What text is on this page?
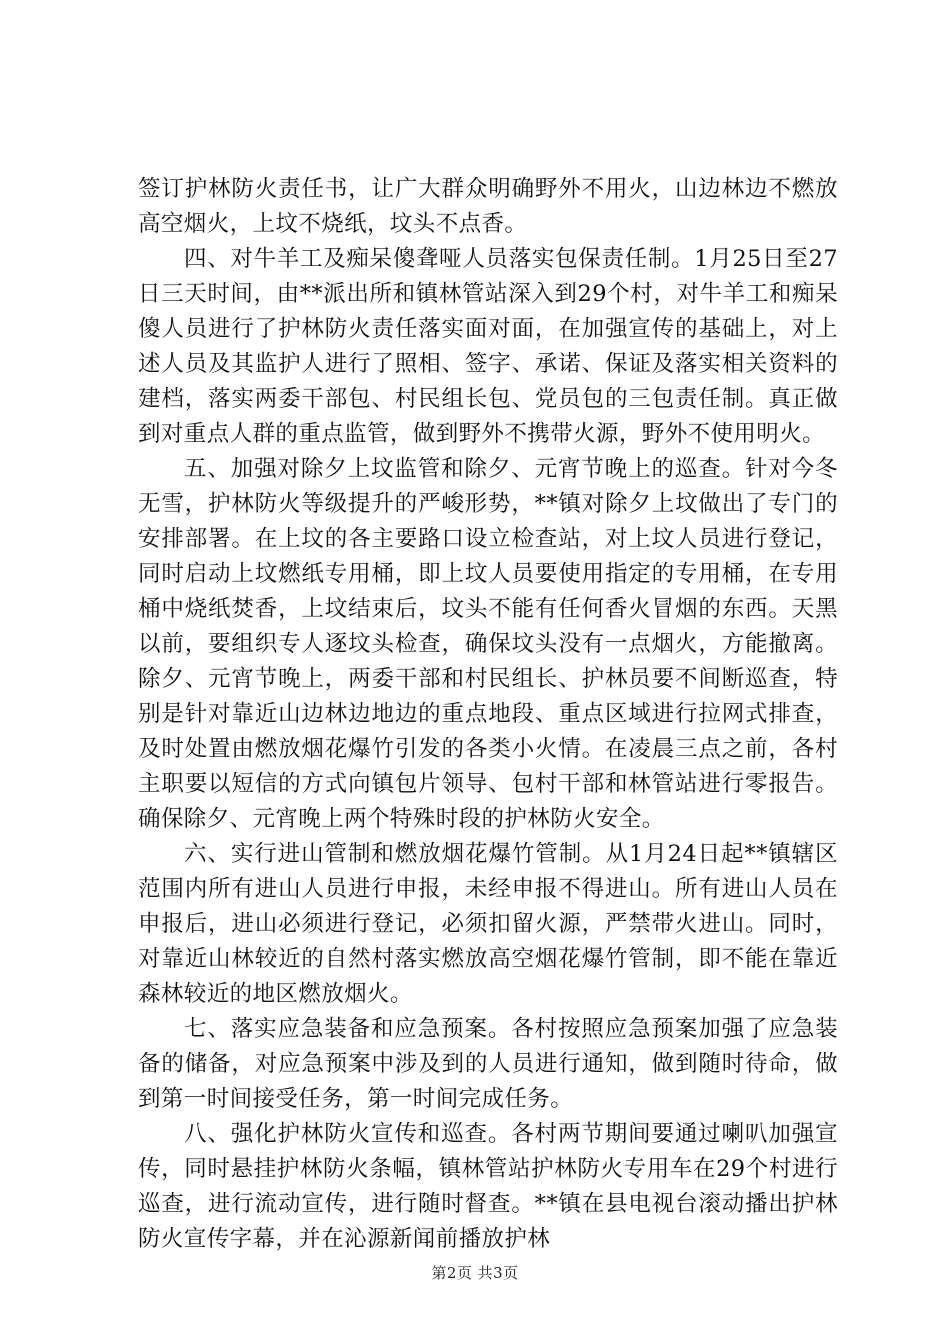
签订护林防火责任书，让广大群众明确野外不用火，山边林边不燃放高空烟火，上坟不烧纸，坟头不点香。

四、对牛羊工及痴呆傻聋哑人员落实包保责任制。1月25日至27日三天时间，由**派出所和镇林管站深入到29个村，对牛羊工和痴呆傻人员进行了护林防火责任落实面对面，在加强宣传的基础上，对上述人员及其监护人进行了照相、签字、承诺、保证及落实相关资料的建档，落实两委干部包、村民组长包、党员包的三包责任制。真正做到对重点人群的重点监管，做到野外不携带火源，野外不使用明火。

五、加强对除夕上坟监管和除夕、元宵节晚上的巡查。针对今冬无雪，护林防火等级提升的严峻形势，**镇对除夕上坟做出了专门的安排部署。在上坟的各主要路口设立检查站，对上坟人员进行登记，同时启动上坟燃纸专用桶，即上坟人员要使用指定的专用桶，在专用桶中烧纸焚香，上坟结束后，坟头不能有任何香火冒烟的东西。天黑以前，要组织专人逐坟头检查，确保坟头没有一点烟火，方能撤离。除夕、元宵节晚上，两委干部和村民组长、护林员要不间断巡查，特别是针对靠近山边林边地边的重点地段、重点区域进行拉网式排查，及时处置由燃放烟花爆竹引发的各类小火情。在凌晨三点之前，各村主职要以短信的方式向镇包片领导、包村干部和林管站进行零报告。确保除夕、元宵晚上两个特殊时段的护林防火安全。

六、实行进山管制和燃放烟花爆竹管制。从1月24日起**镇辖区范围内所有进山人员进行申报，未经申报不得进山。所有进山人员在申报后，进山必须进行登记，必须扣留火源，严禁带火进山。同时，对靠近山林较近的自然村落实燃放高空烟花爆竹管制，即不能在靠近森林较近的地区燃放烟火。

七、落实应急装备和应急预案。各村按照应急预案加强了应急装备的储备，对应急预案中涉及到的人员进行通知，做到随时待命，做到第一时间接受任务，第一时间完成任务。

八、强化护林防火宣传和巡查。各村两节期间要通过喇叭加强宣传，同时悬挂护林防火条幅，镇林管站护林防火专用车在29个村进行巡查，进行流动宣传，进行随时督查。**镇在县电视台滚动播出护林防火宣传字幕，并在沁源新闻前播放护林

第2页 共3页
